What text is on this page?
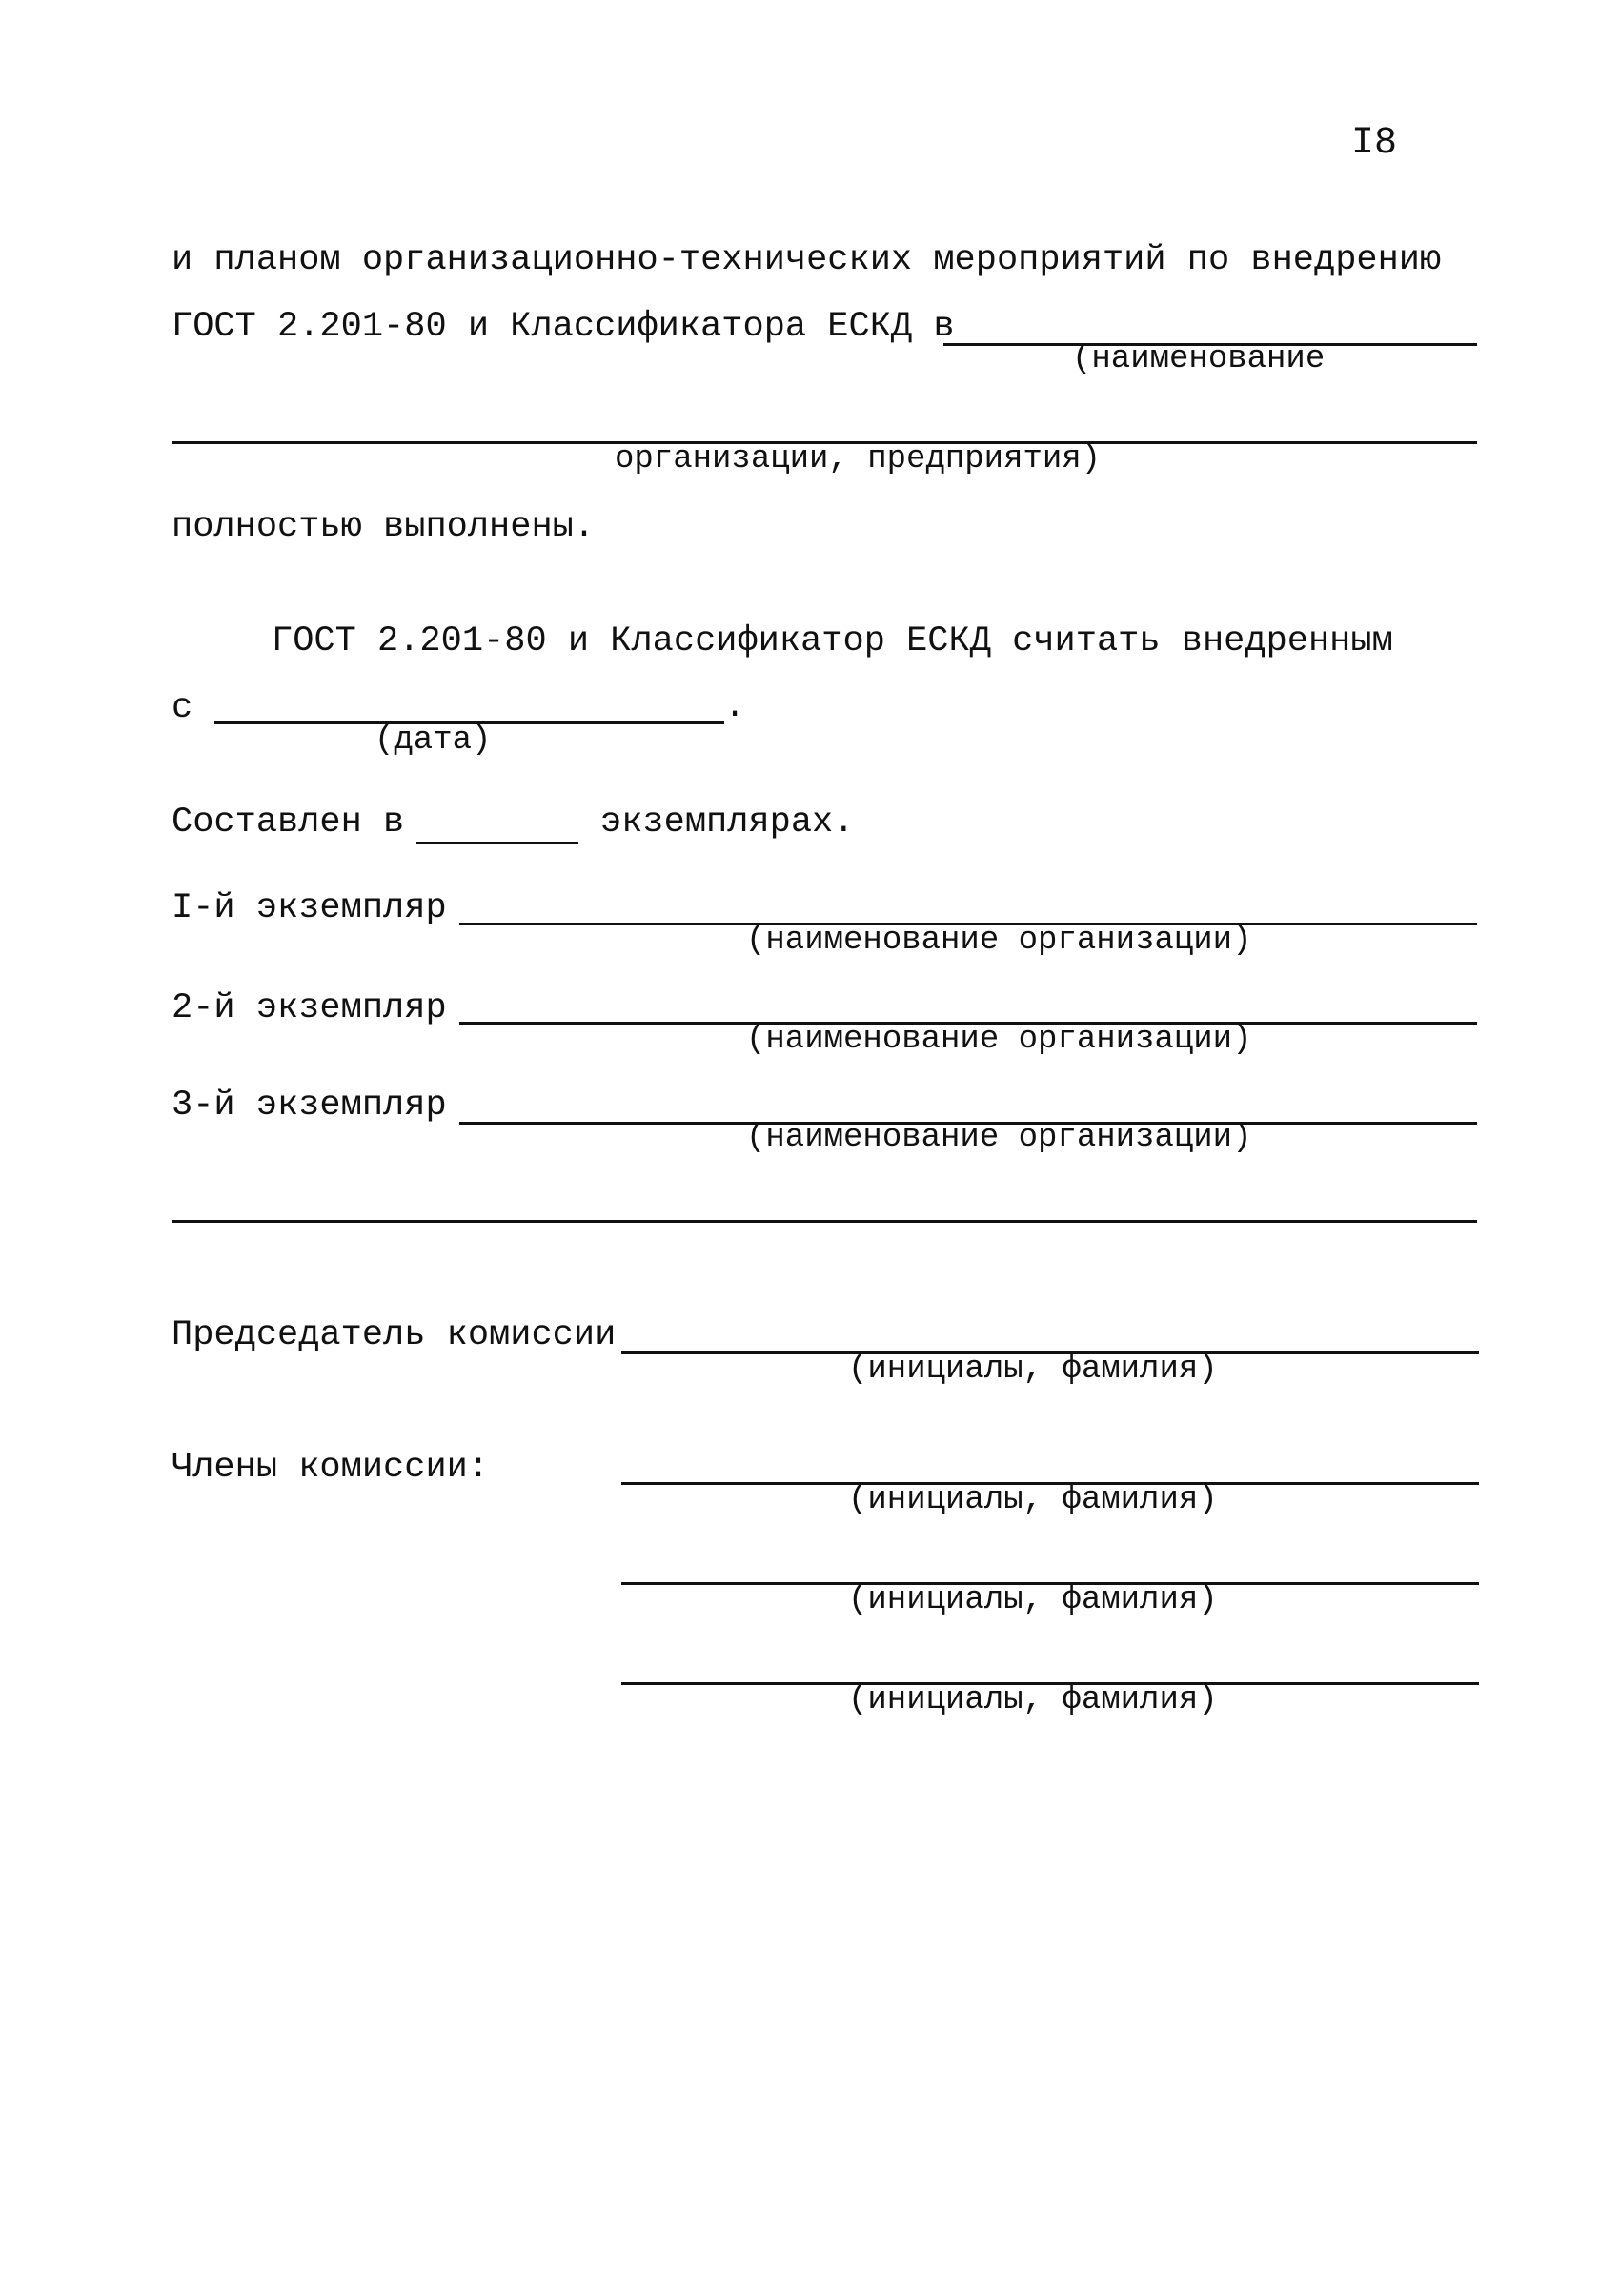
I8
и планом организационно-технических мероприятий по внедрению
ГОСТ 2.201-80 и Классификатора ЕСКД в
(наименование
организации, предприятия)
полностью выполнены.
ГОСТ 2.201-80 и Классификатор ЕСКД считать внедренным
с	.
(дата)
Составлен в	экземплярах.
I-й экземпляр
(наименование организации)
2-й экземпляр
(наименование организации)
3-й экземпляр
(наименование организации)
Председатель комиссии
(инициалы, фамилия)
Члены комиссии:
(инициалы, фамилия)
(инициалы, фамилия)
(инициалы, фамилия)
